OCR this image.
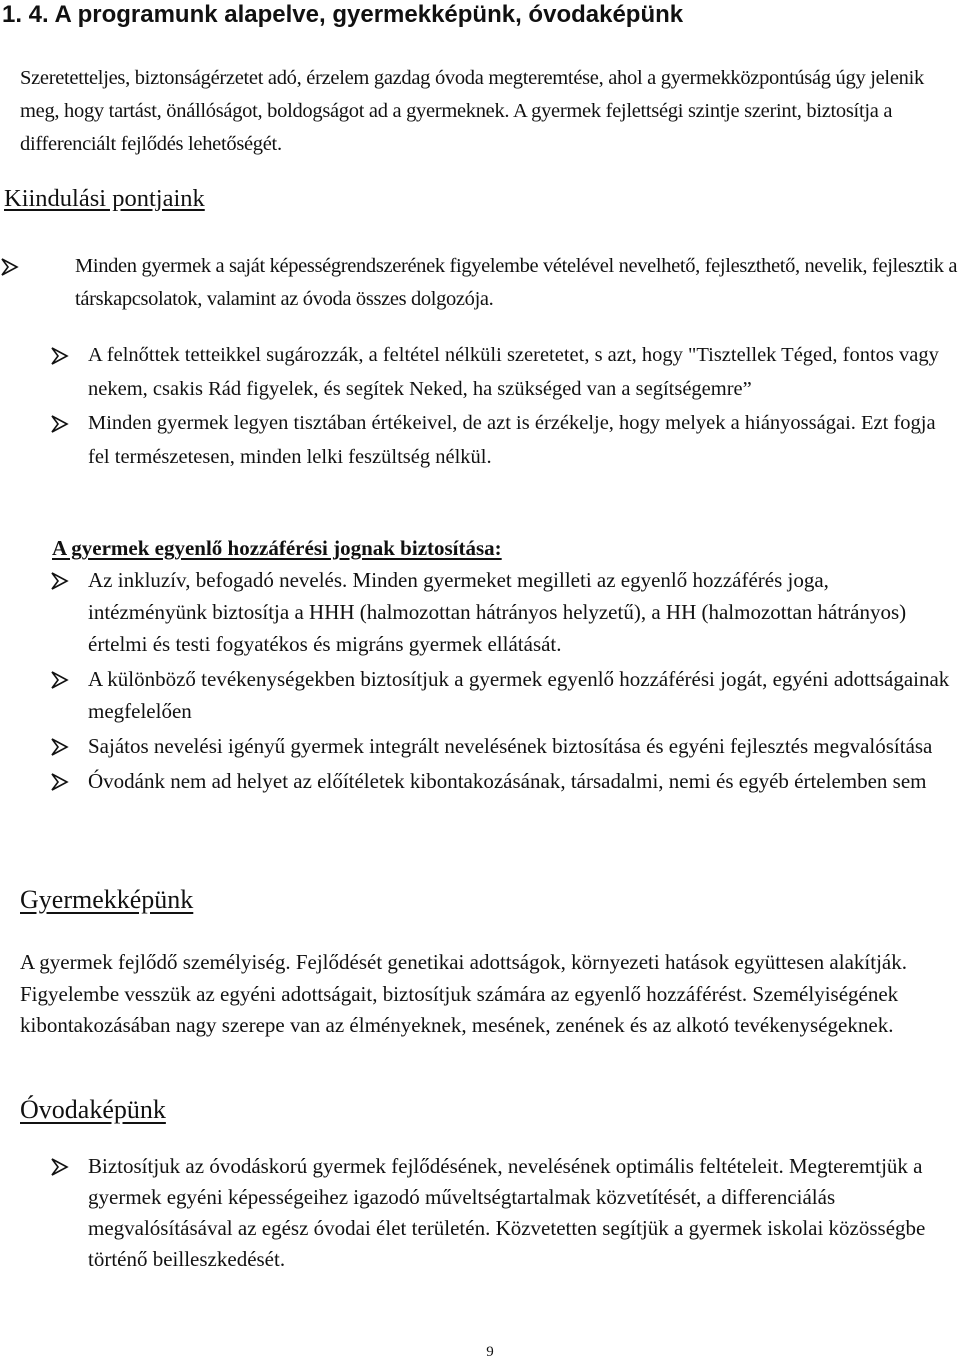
1. 4. A programunk alapelve, gyermekképünk, óvodaképünk
Szeretetteljes, biztonságérzetet adó, érzelem gazdag óvoda megteremtése, ahol a gyermekközpontúság úgy jelenik meg, hogy tartást, önállóságot, boldogságot ad a gyermeknek. A gyermek fejlettségi szintje szerint, biztosítja a differenciált fejlődés lehetőségét.
Kiindulási pontjaink
Minden gyermek a saját képességrendszerének figyelembe vételével nevelhető, fejleszthető, nevelik, fejlesztik a társkapcsolatok, valamint az óvoda összes dolgozója.
A felnőttek tetteikkel sugározzák, a feltétel nélküli szeretetet, s azt, hogy "Tisztellek Téged, fontos vagy nekem, csakis Rád figyelek, és segítek Neked, ha szükséged van a segítségemre”
Minden gyermek legyen tisztában értékeivel, de azt is érzékelje, hogy melyek a hiányosságai. Ezt fogja fel természetesen, minden lelki feszültség nélkül.
A gyermek egyenlő hozzáférési jognak biztosítása:
Az inkluzív, befogadó nevelés. Minden gyermeket megilleti az egyenlő hozzáférés joga, intézményünk biztosítja a HHH (halmozottan hátrányos helyzetű), a HH (halmozottan hátrányos) értelmi és testi fogyatékos és migráns gyermek ellátását.
A különböző tevékenységekben biztosítjuk a gyermek egyenlő hozzáférési jogát, egyéni adottságainak megfelelően
Sajátos nevelési igényű gyermek integrált nevelésének biztosítása és egyéni fejlesztés megvalósítása
Óvodánk nem ad helyet az előítéletek kibontakozásának, társadalmi, nemi és egyéb értelemben sem
Gyermekképünk
A gyermek fejlődő személyiség. Fejlődését genetikai adottságok, környezeti hatások együttesen alakítják. Figyelembe vesszük az egyéni adottságait, biztosítjuk számára az egyenlő hozzáférést. Személyiségének kibontakozásában nagy szerepe van az élményeknek, mesének, zenének és az alkotó tevékenységeknek.
Óvodaképünk
Biztosítjuk az óvodáskorú gyermek fejlődésének, nevelésének optimális feltételeit. Megteremtjük a gyermek egyéni képességeihez igazodó műveltségtartalmak közvetítését, a differenciálás megvalósításával az egész óvodai élet területén. Közvetetten segítjük a gyermek iskolai közösségbe történő beilleszkedését.
9
